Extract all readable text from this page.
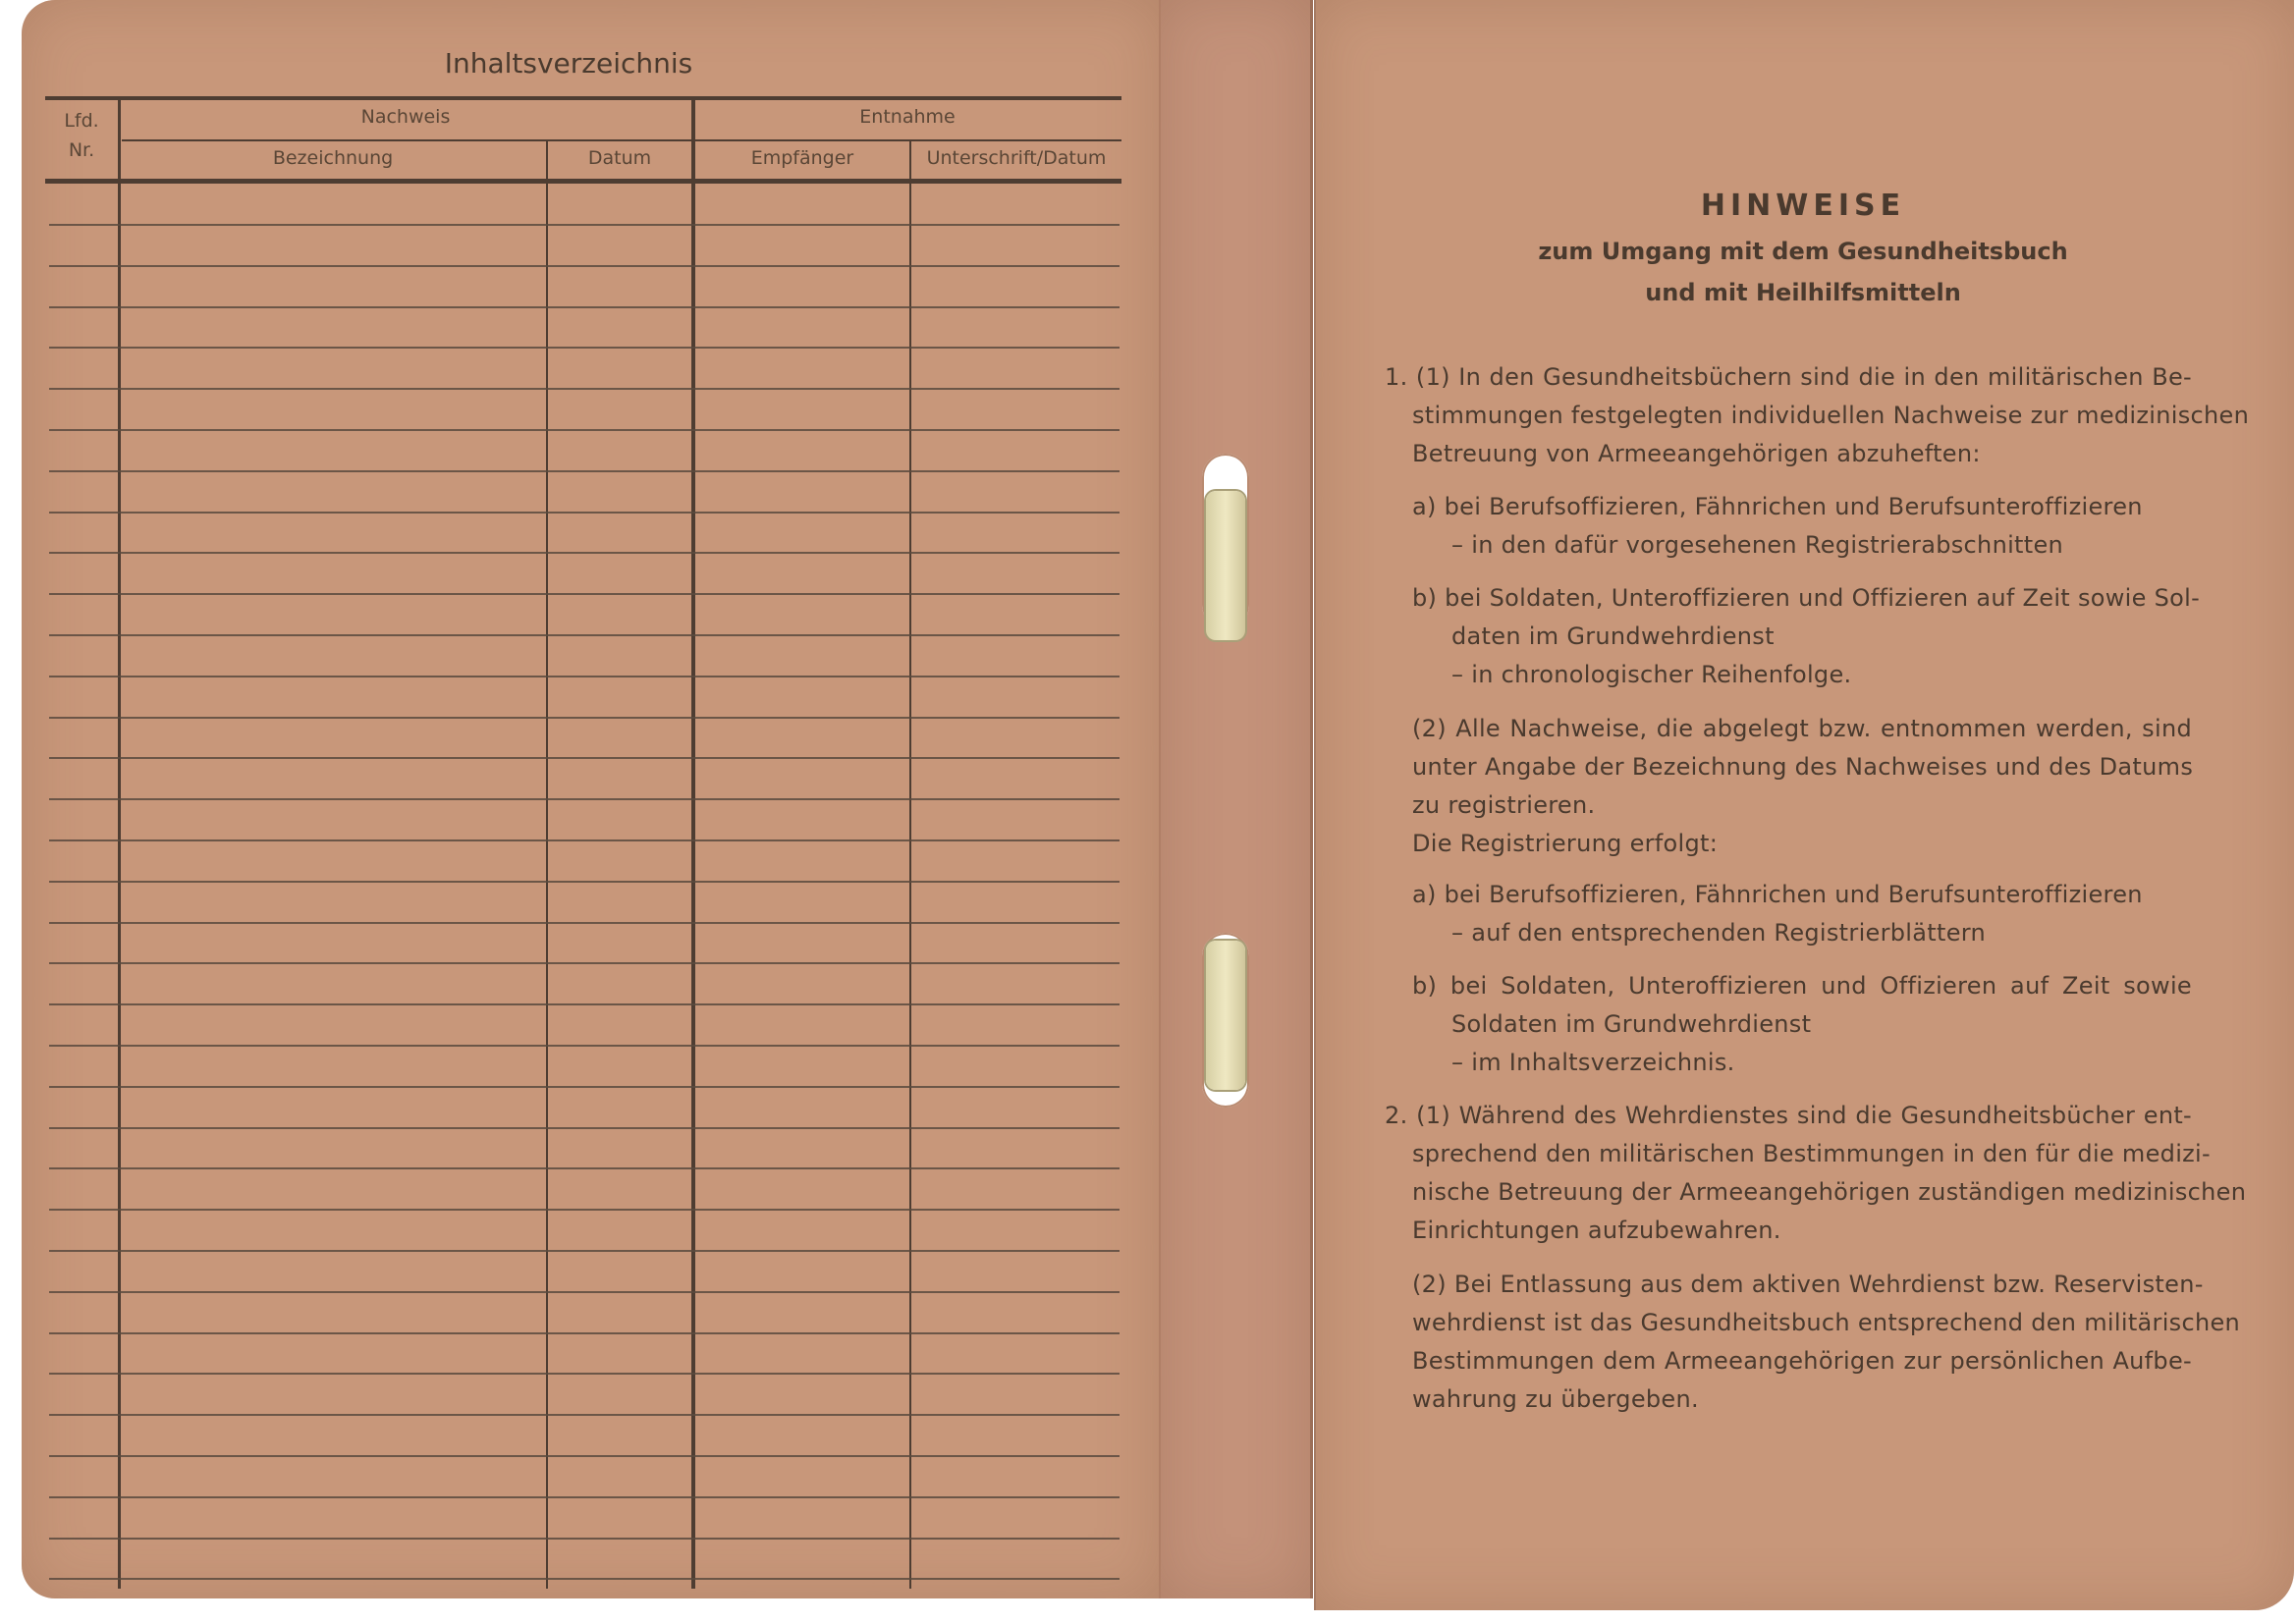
Inhaltsverzeichnis
Lfd.
Nr.
Nachweis	Entnahme
Bezeichnung	Datum	Empfänger	Unterschrift/Datum
HINWEISE
zum Umgang mit dem Gesundheitsbuch
und mit Heilhilfsmitteln
1. (1) In den Gesundheitsbüchern sind die in den militärischen Be-
stimmungen festgelegten individuellen Nachweise zur medizinischen
Betreuung von Armeeangehörigen abzuheften:
a) bei Berufsoffizieren, Fähnrichen und Berufsunteroffizieren
– in den dafür vorgesehenen Registrierabschnitten
b) bei Soldaten, Unteroffizieren und Offizieren auf Zeit sowie Sol-
daten im Grundwehrdienst
– in chronologischer Reihenfolge.
(2) Alle Nachweise, die abgelegt bzw. entnommen werden, sind
unter Angabe der Bezeichnung des Nachweises und des Datums
zu registrieren.
Die Registrierung erfolgt:
a) bei Berufsoffizieren, Fähnrichen und Berufsunteroffizieren
– auf den entsprechenden Registrierblättern
b) bei Soldaten, Unteroffizieren und Offizieren auf Zeit sowie
Soldaten im Grundwehrdienst
– im Inhaltsverzeichnis.
2. (1) Während des Wehrdienstes sind die Gesundheitsbücher ent-
sprechend den militärischen Bestimmungen in den für die medizi-
nische Betreuung der Armeeangehörigen zuständigen medizinischen
Einrichtungen aufzubewahren.
(2) Bei Entlassung aus dem aktiven Wehrdienst bzw. Reservisten-
wehrdienst ist das Gesundheitsbuch entsprechend den militärischen
Bestimmungen dem Armeeangehörigen zur persönlichen Aufbe-
wahrung zu übergeben.
